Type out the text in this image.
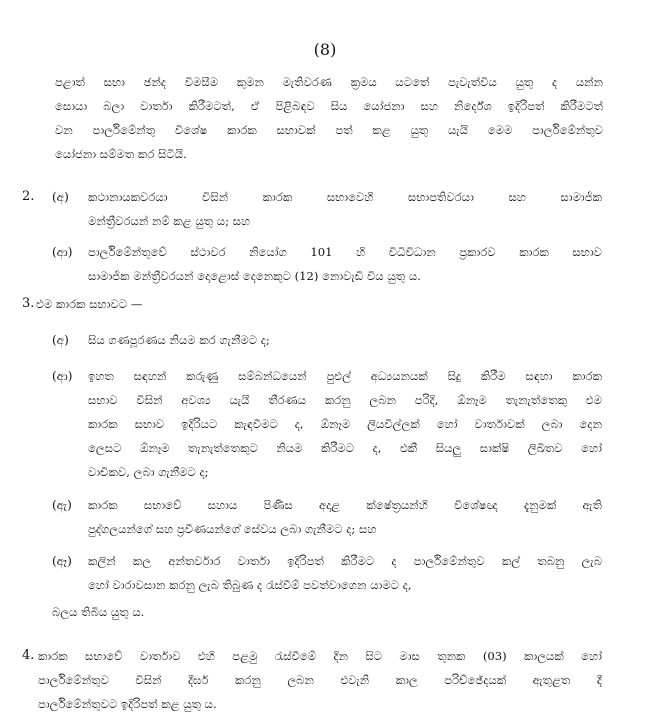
(8)
පළාත් සභා ඡන්ද විමසීම කුමන මැතිවරණ ක්‍රමය යටතේ පැවැත්විය යුතු ද යන්න
සොයා බලා වාර්තා කිරීමටත්, ඒ පිළිබඳව සිය යෝජනා සහ නිර්දේශ ඉදිරිපත් කිරීමටත්
වන පාර්ලිමේන්තු විශේෂ කාරක සභාවක් පත් කළ යුතු යැයි මෙම පාර්ලිමේන්තුව
යෝජනා සම්මත කර සිටියි.
2. (අ) කථානායකවරයා විසින් කාරක සභාවෙහි සභාපතිවරයා සහ සාමාජික
මන්ත්‍රීවරයන් නම් කළ යුතු ය; සහ
(ආ) පාර්ලිමේන්තුවේ ස්ථාවර නියෝග 101 හි විධිවිධාන ප්‍රකාරව කාරක සභාව
සාමාජික මන්ත්‍රීවරයන් දොළොස් දෙනෙකුට (12) නොවැඩි විය යුතු ය.
3. එම කාරක සභාවට —
(අ) සිය ගණපූරණය නියම කර ගැනීමට ද;
(ආ) ඉහත සඳහන් කරුණු සම්බන්ධයෙන් පුළුල් අධ්‍යයනයක් සිදු කිරීම සඳහා කාරක
සභාව විසින් අවශ්‍ය යැයි තීරණය කරනු ලබන පරිදි, ඕනෑම තැනැත්තෙකු එම
කාරක සභාව ඉදිරියට කැඳවීමට ද, ඕනෑම ලියවිල්ලක් හෝ වාර්තාවක් ලබා දෙන
ලෙසට ඕනෑම තැනැත්තෙකුට නියම කිරීමට ද, එකී සියලු සාක්ෂි ලිඛිතව හෝ
වාචිකව, ලබා ගැනීමට ද;
(ඇ) කාරක සභාවේ සහාය පිණිස අදාළ ක්ෂේත්‍රයන්හි විශේෂඥ දැනුමක් ඇති
පුද්ගලයන්ගේ සහ ප්‍රවීණයන්ගේ සේවය ලබා ගැනීමට ද; සහ
(ඈ) කලින් කල අන්තර්වාර වාර්තා ඉදිරිපත් කිරීමට ද පාර්ලිමේන්තුව කල් තබනු ලැබ
හෝ වාරාවසාන කරනු ලැබ තිබුණ ද රැස්වීම් පවත්වාගෙන යාමට ද,
බලය තිබිය යුතු ය.
4. කාරක සභාවේ වාර්තාව එහි පළමු රැස්වීමේ දින සිට මාස තුනක (03) කාලයක් හෝ
පාර්ලිමේන්තුව විසින් දීර්ඝ කරනු ලබන එවැනි කාල පරිච්ඡේදයක් ඇතුළත දී
පාර්ලිමේන්තුවට ඉදිරිපත් කළ යුතු ය.
